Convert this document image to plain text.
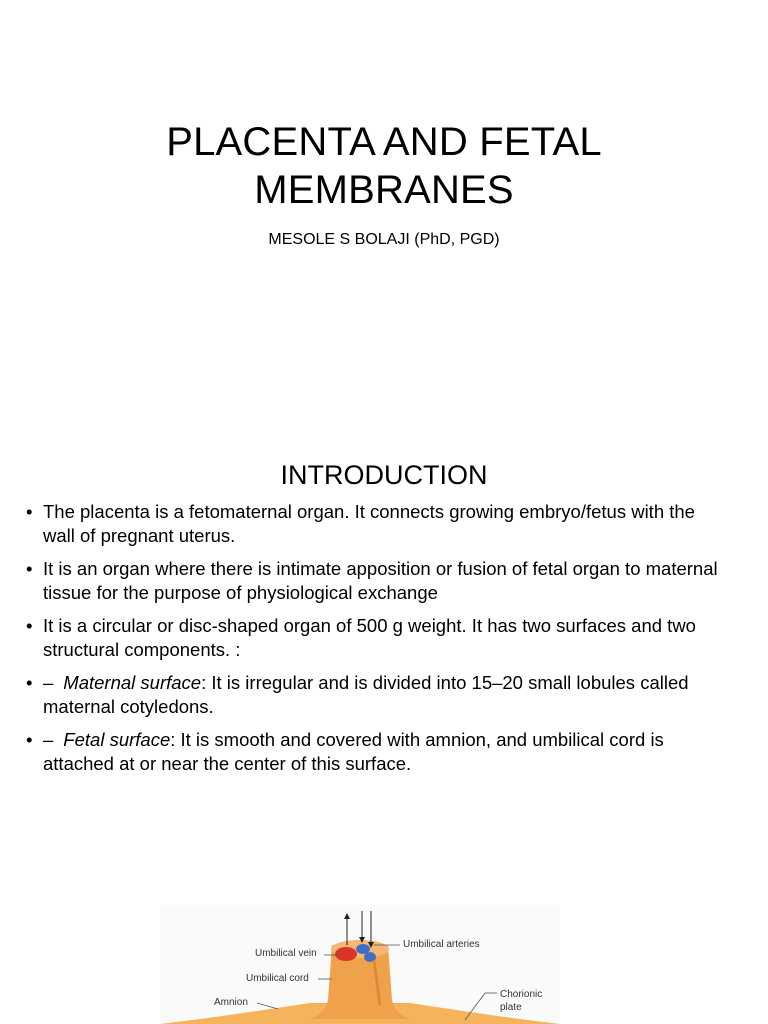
PLACENTA AND FETAL
MEMBRANES
MESOLE S BOLAJI (PhD, PGD)
INTRODUCTION
• The placenta is a fetomaternal organ. It connects growing embryo/fetus with the wall of pregnant uterus.
• It is an organ where there is intimate apposition or fusion of fetal organ to maternal tissue for the purpose of physiological exchange
• It is a circular or disc-shaped organ of 500 g weight. It has two surfaces and two structural components. :
• – Maternal surface: It is irregular and is divided into 15–20 small lobules called maternal cotyledons.
• – Fetal surface: It is smooth and covered with amnion, and umbilical cord is attached at or near the center of this surface.
Umbilical vein
Umbilical arteries
Umbilical cord
Amnion
Chorionic
plate
